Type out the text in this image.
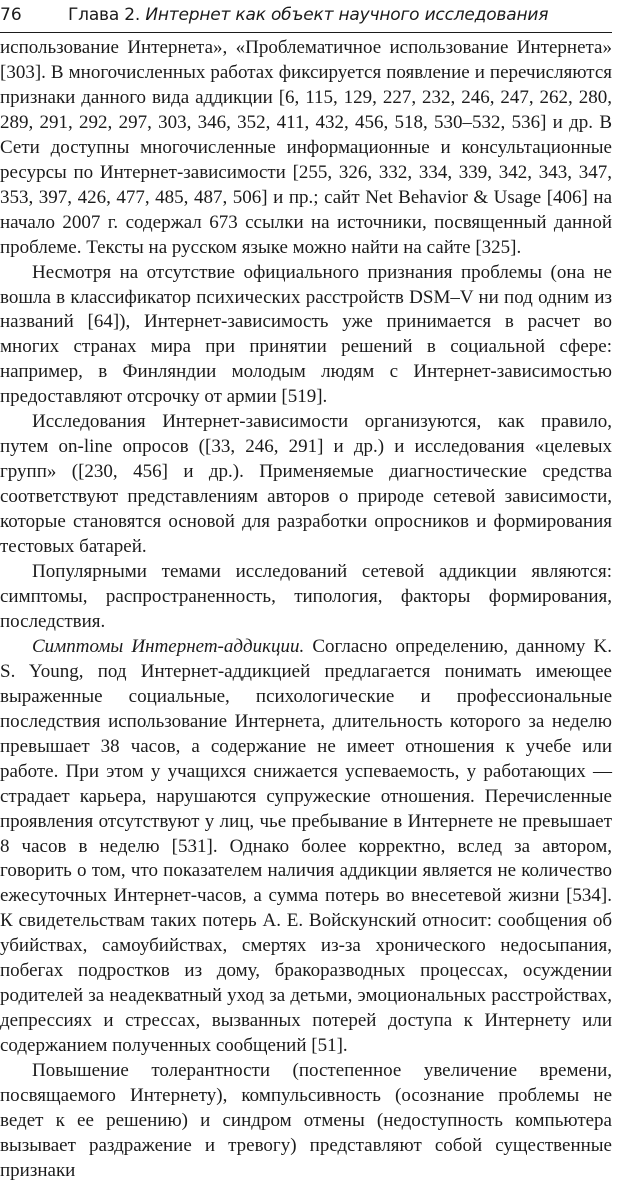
76	Глава 2. Интернет как объект научного исследования

использование Интернета», «Проблематичное использование Интернета» [303]. В многочисленных работах фиксируется появление и перечисляются признаки данного вида аддикции [6, 115, 129, 227, 232, 246, 247, 262, 280, 289, 291, 292, 297, 303, 346, 352, 411, 432, 456, 518, 530–532, 536] и др. В Сети доступны многочисленные информационные и консультационные ресурсы по Интернет-зависимости [255, 326, 332, 334, 339, 342, 343, 347, 353, 397, 426, 477, 485, 487, 506] и пр.; сайт Net Behavior & Usage [406] на начало 2007 г. содержал 673 ссылки на источники, посвященный данной проблеме. Тексты на русском языке можно найти на сайте [325].

Несмотря на отсутствие официального признания проблемы (она не вошла в классификатор психических расстройств DSM–V ни под одним из названий [64]), Интернет-зависимость уже принимается в расчет во многих странах мира при принятии решений в социальной сфере: например, в Финляндии молодым людям с Интернет-зависимостью предоставляют отсрочку от армии [519].

Исследования Интернет-зависимости организуются, как правило, путем on-line опросов ([33, 246, 291] и др.) и исследования «целевых групп» ([230, 456] и др.). Применяемые диагностические средства соответствуют представлениям авторов о природе сетевой зависимости, которые становятся основой для разработки опросников и формирования тестовых батарей.

Популярными темами исследований сетевой аддикции являются: симптомы, распространенность, типология, факторы формирования, последствия.

Симптомы Интернет-аддикции. Согласно определению, данному K. S. Young, под Интернет-аддикцией предлагается понимать имеющее выраженные социальные, психологические и профессиональные последствия использование Интернета, длительность которого за неделю превышает 38 часов, а содержание не имеет отношения к учебе или работе. При этом у учащихся снижается успеваемость, у работающих — страдает карьера, нарушаются супружеские отношения. Перечисленные проявления отсутствуют у лиц, чье пребывание в Интернете не превышает 8 часов в неделю [531]. Однако более корректно, вслед за автором, говорить о том, что показателем наличия аддикции является не количество ежесуточных Интернет-часов, а сумма потерь во внесетевой жизни [534]. К свидетельствам таких потерь А. Е. Войскунский относит: сообщения об убийствах, самоубийствах, смертях из-за хронического недосыпания, побегах подростков из дому, бракоразводных процессах, осуждении родителей за неадекватный уход за детьми, эмоциональных расстройствах, депрессиях и стрессах, вызванных потерей доступа к Интернету или содержанием полученных сообщений [51].

Повышение толерантности (постепенное увеличение времени, посвящаемого Интернету), компульсивность (осознание проблемы не ведет к ее решению) и синдром отмены (недоступность компьютера вызывает раздражение и тревогу) представляют собой существенные признаки
